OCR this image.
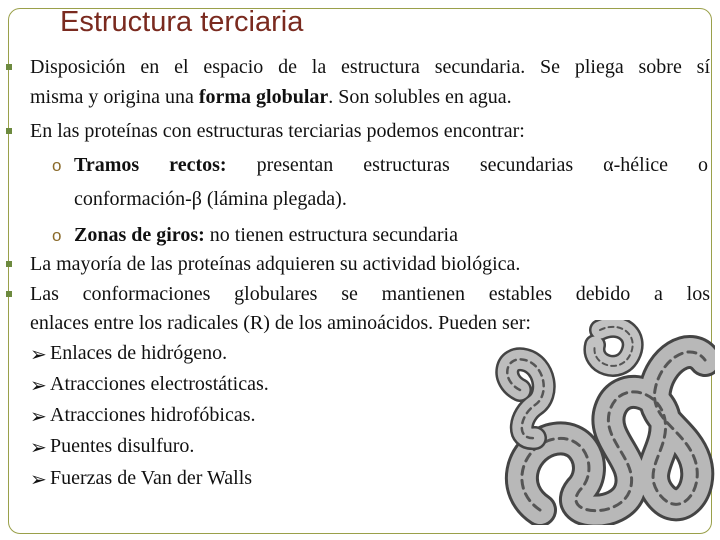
Estructura terciaria
Disposición en el espacio de la estructura secundaria. Se pliega sobre sí
misma y origina una forma globular. Son solubles en agua.
En las proteínas con estructuras terciarias podemos encontrar:
o Tramos rectos: presentan estructuras secundarias α-hélice o
conformación-β (lámina plegada).
o Zonas de giros: no tienen estructura secundaria
La mayoría de las proteínas adquieren su actividad biológica.
Las conformaciones globulares se mantienen estables debido a los
enlaces entre los radicales (R) de los aminoácidos. Pueden ser:
➢ Enlaces de hidrógeno.
➢ Atracciones electrostáticas.
➢ Atracciones hidrofóbicas.
➢ Puentes disulfuro.
➢ Fuerzas de Van der Walls
